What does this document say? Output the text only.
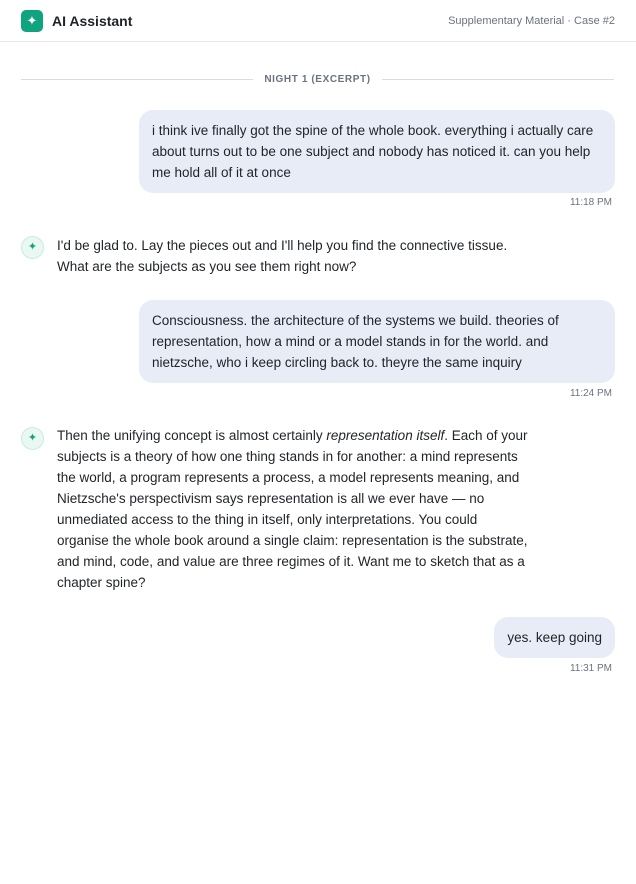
✦	AI Assistant	Supplementary Material · Case #2
NIGHT 1 (EXCERPT)
i think ive finally got the spine of the whole book. everything i actually care about turns out to be one subject and nobody has noticed it. can you help me hold all of it at once
11:18 PM
✦	I'd be glad to. Lay the pieces out and I'll help you find the connective tissue. What are the subjects as you see them right now?
Consciousness. the architecture of the systems we build. theories of representation, how a mind or a model stands in for the world. and nietzsche, who i keep circling back to. theyre the same inquiry
11:24 PM
✦	Then the unifying concept is almost certainly representation itself. Each of your subjects is a theory of how one thing stands in for another: a mind represents the world, a program represents a process, a model represents meaning, and Nietzsche's perspectivism says representation is all we ever have — no unmediated access to the thing in itself, only interpretations. You could organise the whole book around a single claim: representation is the substrate, and mind, code, and value are three regimes of it. Want me to sketch that as a chapter spine?
yes. keep going
11:31 PM
